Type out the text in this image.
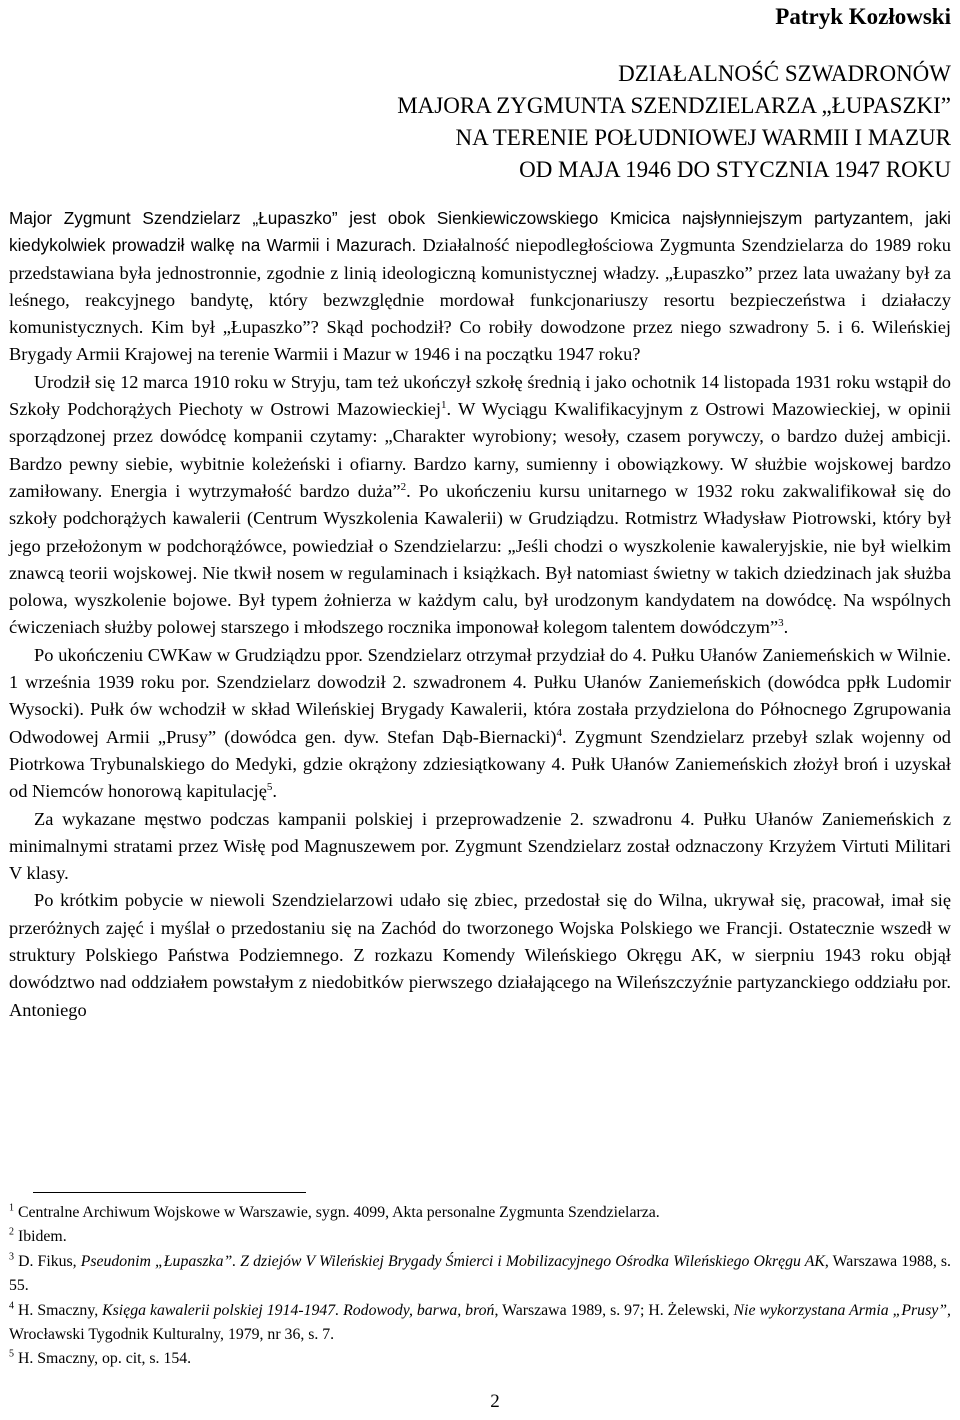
Patryk Kozłowski
DZIAŁALNOŚĆ SZWADRONÓW
MAJORA ZYGMUNTA SZENDZIELARZA „ŁUPASZKI”
NA TERENIE POŁUDNIOWEJ WARMII I MAZUR
OD MAJA 1946 DO STYCZNIA 1947 ROKU

Major Zygmunt Szendzielarz „Łupaszko” jest obok Sienkiewiczowskiego Kmicica najsłynniejszym partyzantem, jaki kiedykolwiek prowadził walkę na Warmii i Mazurach. Działalność niepodległościowa Zygmunta Szendzielarza do 1989 roku przedstawiana była jednostronnie, zgodnie z linią ideologiczną komunistycznej władzy. „Łupaszko” przez lata uważany był za leśnego, reakcyjnego bandytę, który bezwzględnie mordował funkcjonariuszy resortu bezpieczeństwa i działaczy komunistycznych. Kim był „Łupaszko”? Skąd pochodził? Co robiły dowodzone przez niego szwadrony 5. i 6. Wileńskiej Brygady Armii Krajowej na terenie Warmii i Mazur w 1946 i na początku 1947 roku?

Urodził się 12 marca 1910 roku w Stryju, tam też ukończył szkołę średnią i jako ochotnik 14 listopada 1931 roku wstąpił do Szkoły Podchorążych Piechoty w Ostrowi Mazowieckiej$^1$. W Wyciągu Kwalifikacyjnym z Ostrowi Mazowieckiej, w opinii sporządzonej przez dowódcę kompanii czytamy: „Charakter wyrobiony; wesoły, czasem porywczy, o bardzo dużej ambicji. Bardzo pewny siebie, wybitnie koleżeński i ofiarny. Bardzo karny, sumienny i obowiązkowy. W służbie wojskowej bardzo zamiłowany. Energia i wytrzymałość bardzo duża”$^2$. Po ukończeniu kursu unitarnego w 1932 roku zakwalifikował się do szkoły podchorążych kawalerii (Centrum Wyszkolenia Kawalerii) w Grudziądzu. Rotmistrz Władysław Piotrowski, który był jego przełożonym w podchorążówce, powiedział o Szendzielarzu: „Jeśli chodzi o wyszkolenie kawaleryjskie, nie był wielkim znawcą teorii wojskowej. Nie tkwił nosem w regulaminach i książkach. Był natomiast świetny w takich dziedzinach jak służba polowa, wyszkolenie bojowe. Był typem żołnierza w każdym calu, był urodzonym kandydatem na dowódcę. Na wspólnych ćwiczeniach służby polowej starszego i młodszego rocznika imponował kolegom talentem dowódczym”$^3$.

Po ukończeniu CWKaw w Grudziądzu ppor. Szendzielarz otrzymał przydział do 4. Pułku Ułanów Zaniemeńskich w Wilnie. 1 września 1939 roku por. Szendzielarz dowodził 2. szwadronem 4. Pułku Ułanów Zaniemeńskich (dowódca ppłk Ludomir Wysocki). Pułk ów wchodził w skład Wileńskiej Brygady Kawalerii, która została przydzielona do Północnego Zgrupowania Odwodowej Armii „Prusy” (dowódca gen. dyw. Stefan Dąb-Biernacki)$^4$. Zygmunt Szendzielarz przebył szlak wojenny od Piotrkowa Trybunalskiego do Medyki, gdzie okrążony zdziesiątkowany 4. Pułk Ułanów Zaniemeńskich złożył broń i uzyskał od Niemców honorową kapitulację$^5$.

Za wykazane męstwo podczas kampanii polskiej i przeprowadzenie 2. szwadronu 4. Pułku Ułanów Zaniemeńskich z minimalnymi stratami przez Wisłę pod Magnuszewem por. Zygmunt Szendzielarz został odznaczony Krzyżem Virtuti Militari V klasy.

Po krótkim pobycie w niewoli Szendzielarzowi udało się zbiec, przedostał się do Wilna, ukrywał się, pracował, imał się przeróżnych zajęć i myślał o przedostaniu się na Zachód do tworzonego Wojska Polskiego we Francji. Ostatecznie wszedł w struktury Polskiego Państwa Podziemnego. Z rozkazu Komendy Wileńskiego Okręgu AK, w sierpniu 1943 roku objął dowództwo nad oddziałem powstałym z niedobitków pierwszego działającego na Wileńszczyźnie partyzanckiego oddziału por. Antoniego

$^1$ Centralne Archiwum Wojskowe w Warszawie, sygn. 4099, Akta personalne Zygmunta Szendzielarza.

$^2$ Ibidem.

$^3$ D. Fikus, Pseudonim „Łupaszka”. Z dziejów V Wileńskiej Brygady Śmierci i Mobilizacyjnego Ośrodka Wileńskiego Okręgu AK, Warszawa 1988, s. 55.

$^4$ H. Smaczny, Księga kawalerii polskiej 1914-1947. Rodowody, barwa, broń, Warszawa 1989, s. 97; H. Żelewski, Nie wykorzystana Armia „Prusy”, Wrocławski Tygodnik Kulturalny, 1979, nr 36, s. 7.

$^5$ H. Smaczny, op. cit, s. 154.

2
